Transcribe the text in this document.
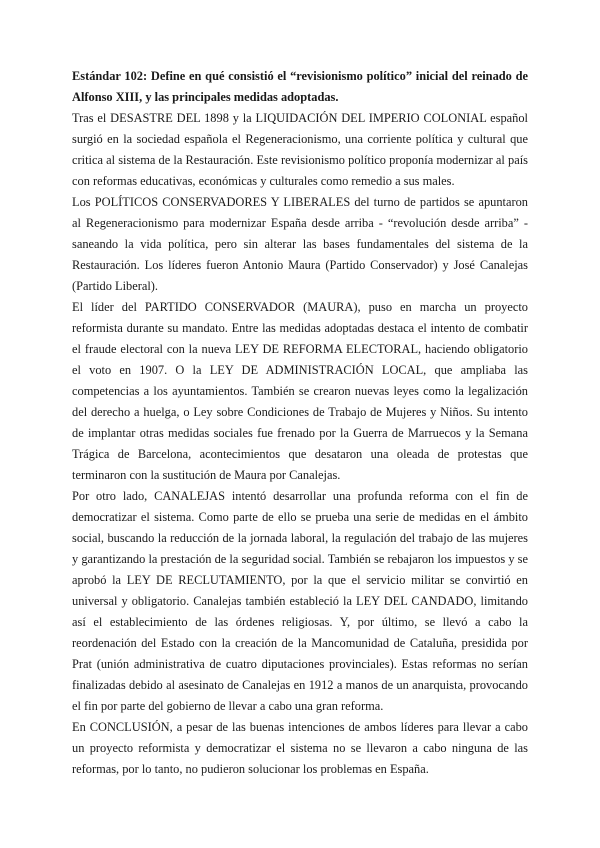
Estándar 102: Define en qué consistió el “revisionismo político” inicial del reinado de Alfonso XIII, y las principales medidas adoptadas.

Tras el DESASTRE DEL 1898 y la LIQUIDACIÓN DEL IMPERIO COLONIAL español surgió en la sociedad española el Regeneracionismo, una corriente política y cultural que critica al sistema de la Restauración. Este revisionismo político proponía modernizar al país con reformas educativas, económicas y culturales como remedio a sus males.

Los POLÍTICOS CONSERVADORES Y LIBERALES del turno de partidos se apuntaron al Regeneracionismo para modernizar España desde arriba - “revolución desde arriba” - saneando la vida política, pero sin alterar las bases fundamentales del sistema de la Restauración. Los líderes fueron Antonio Maura (Partido Conservador) y José Canalejas (Partido Liberal).

El líder del PARTIDO CONSERVADOR (MAURA), puso en marcha un proyecto reformista durante su mandato. Entre las medidas adoptadas destaca el intento de combatir el fraude electoral con la nueva LEY DE REFORMA ELECTORAL, haciendo obligatorio el voto en 1907. O la LEY DE ADMINISTRACIÓN LOCAL, que ampliaba las competencias a los ayuntamientos. También se crearon nuevas leyes como la legalización del derecho a huelga, o Ley sobre Condiciones de Trabajo de Mujeres y Niños. Su intento de implantar otras medidas sociales fue frenado por la Guerra de Marruecos y la Semana Trágica de Barcelona, acontecimientos que desataron una oleada de protestas que terminaron con la sustitución de Maura por Canalejas.

Por otro lado, CANALEJAS intentó desarrollar una profunda reforma con el fin de democratizar el sistema. Como parte de ello se prueba una serie de medidas en el ámbito social, buscando la reducción de la jornada laboral, la regulación del trabajo de las mujeres y garantizando la prestación de la seguridad social. También se rebajaron los impuestos y se aprobó la LEY DE RECLUTAMIENTO, por la que el servicio militar se convirtió en universal y obligatorio. Canalejas también estableció la LEY DEL CANDADO, limitando así el establecimiento de las órdenes religiosas. Y, por último, se llevó a cabo la reordenación del Estado con la creación de la Mancomunidad de Cataluña, presidida por Prat (unión administrativa de cuatro diputaciones provinciales). Estas reformas no serían finalizadas debido al asesinato de Canalejas en 1912 a manos de un anarquista, provocando el fin por parte del gobierno de llevar a cabo una gran reforma.

En CONCLUSIÓN, a pesar de las buenas intenciones de ambos líderes para llevar a cabo un proyecto reformista y democratizar el sistema no se llevaron a cabo ninguna de las reformas, por lo tanto, no pudieron solucionar los problemas en España.
